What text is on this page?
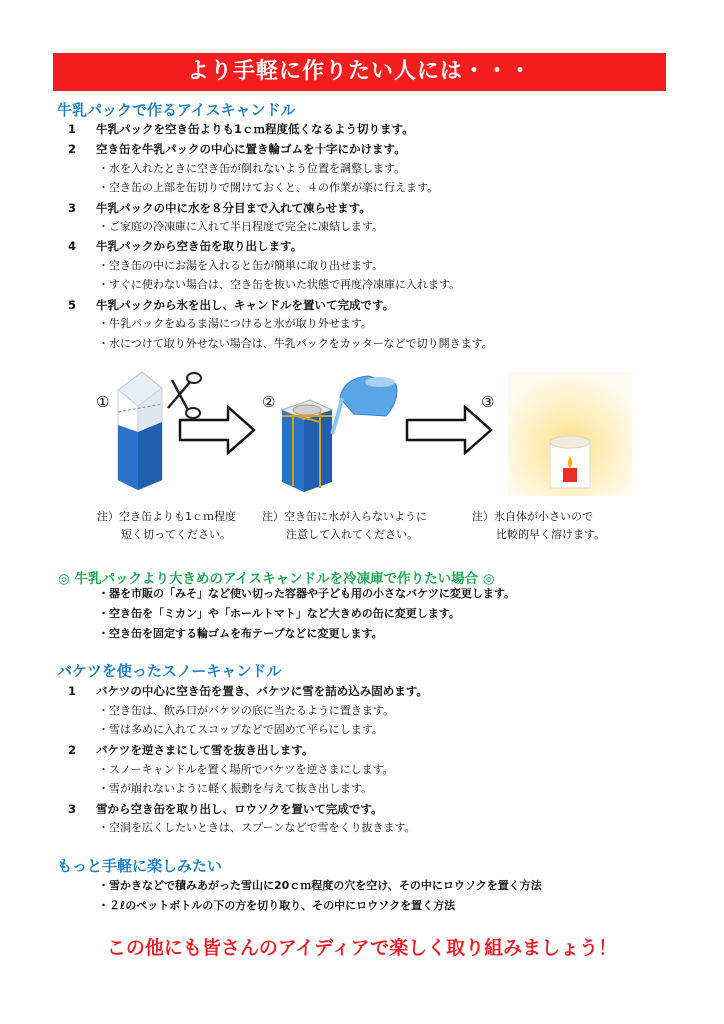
より手軽に作りたい人には・・・
牛乳パックで作るアイスキャンドル
1 牛乳パックを空き缶よりも1ｃｍ程度低くなるよう切ります。
2 空き缶を牛乳パックの中心に置き輪ゴムを十字にかけます。
・水を入れたときに空き缶が倒れないよう位置を調整します。
・空き缶の上部を缶切りで開けておくと、４の作業が楽に行えます。
3 牛乳パックの中に水を８分目まで入れて凍らせます。
・ご家庭の冷凍庫に入れて半日程度で完全に凍結します。
4 牛乳パックから空き缶を取り出します。
・空き缶の中にお湯を入れると缶が簡単に取り出せます。
・すぐに使わない場合は、空き缶を抜いた状態で再度冷凍庫に入れます。
5 牛乳パックから氷を出し、キャンドルを置いて完成です。
・牛乳パックをぬるま湯につけると氷が取り外せます。
・水につけて取り外せない場合は、牛乳パックをカッターなどで切り開きます。
①	②	③
注）空き缶よりも1ｃｍ程度
短く切ってください。
注）空き缶に水が入らないように
注意して入れてください。
注）氷自体が小さいので
比較的早く溶けます。
◎ 牛乳パックより大きめのアイスキャンドルを冷凍庫で作りたい場合 ◎
・器を市販の「みそ」など使い切った容器や子ども用の小さなバケツに変更します。
・空き缶を「ミカン」や「ホールトマト」など大きめの缶に変更します。
・空き缶を固定する輪ゴムを布テープなどに変更します。
バケツを使ったスノーキャンドル
1 バケツの中心に空き缶を置き、バケツに雪を詰め込み固めます。
・空き缶は、飲み口がバケツの底に当たるように置きます。
・雪は多めに入れてスコップなどで固めて平らにします。
2 バケツを逆さまにして雪を抜き出します。
・スノーキャンドルを置く場所でバケツを逆さまにします。
・雪が崩れないように軽く振動を与えて抜き出します。
3 雪から空き缶を取り出し、ロウソクを置いて完成です。
・空洞を広くしたいときは、スプーンなどで雪をくり抜きます。
もっと手軽に楽しみたい
・雪かきなどで積みあがった雪山に20ｃｍ程度の穴を空け、その中にロウソクを置く方法
・２ℓのペットボトルの下の方を切り取り、その中にロウソクを置く方法
この他にも皆さんのアイディアで楽しく取り組みましょう！
